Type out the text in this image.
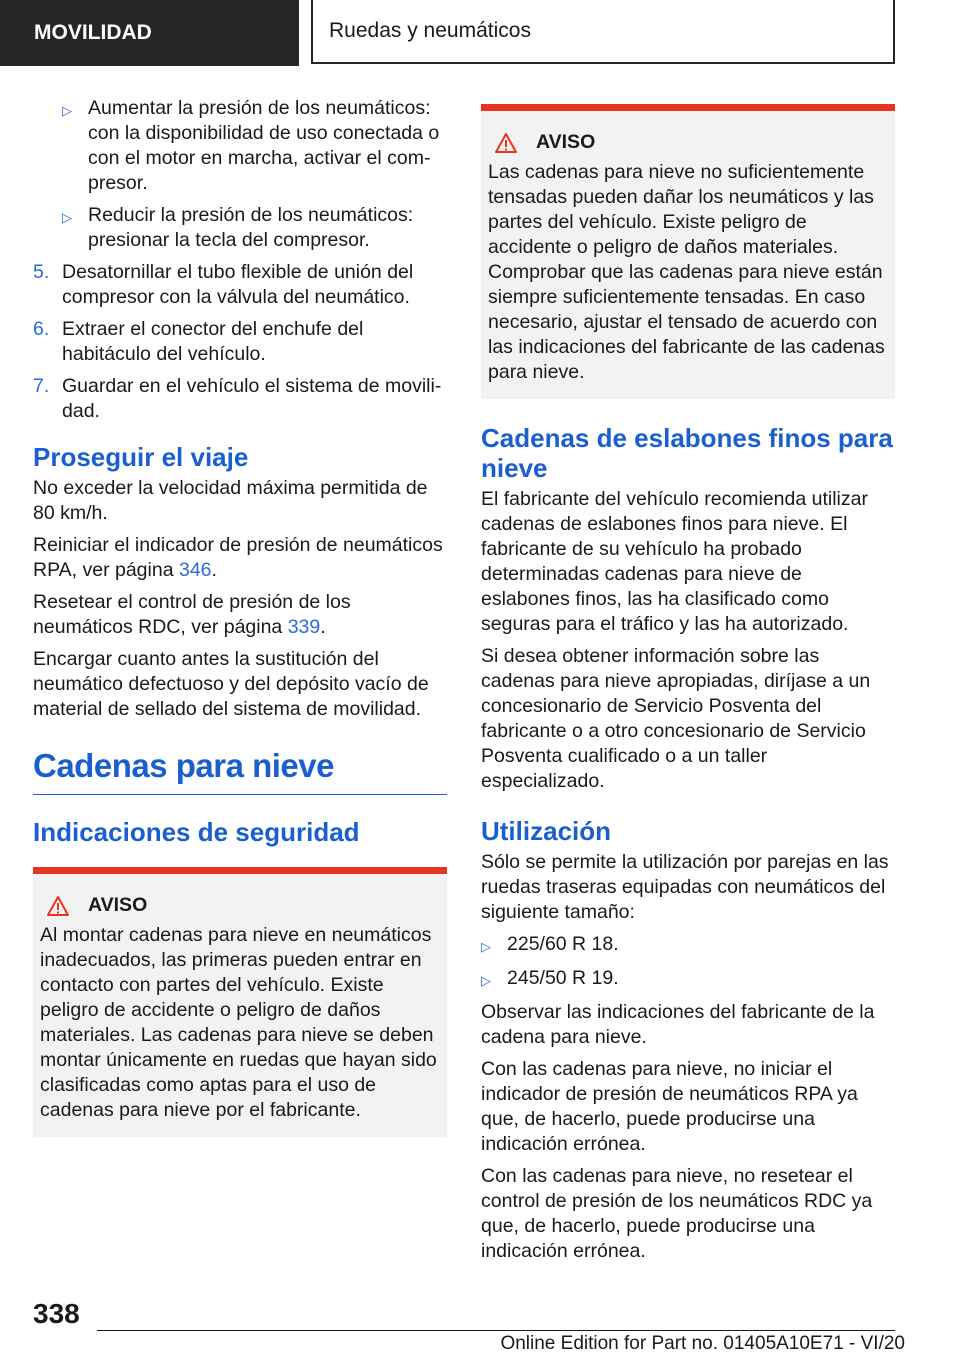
MOVILIDAD	Ruedas y neumáticos
▷ Aumentar la presión de los neumáticos: con la disponibilidad de uso conectada o con el motor en marcha, activar el compresor.
▷ Reducir la presión de los neumáticos: presionar la tecla del compresor.
5. Desatornillar el tubo flexible de unión del compresor con la válvula del neumático.
6. Extraer el conector del enchufe del habitáculo del vehículo.
7. Guardar en el vehículo el sistema de movilidad.
Proseguir el viaje

No exceder la velocidad máxima permitida de 80 km/h.

Reiniciar el indicador de presión de neumáticos RPA, ver página 346.

Resetear el control de presión de los neumáticos RDC, ver página 339.

Encargar cuanto antes la sustitución del neumático defectuoso y del depósito vacío de material de sellado del sistema de movilidad.

Cadenas para nieve
Indicaciones de seguridad
AVISO

Al montar cadenas para nieve en neumáticos inadecuados, las primeras pueden entrar en contacto con partes del vehículo. Existe peligro de accidente o peligro de daños materiales. Las cadenas para nieve se deben montar únicamente en ruedas que hayan sido clasificadas como aptas para el uso de cadenas para nieve por el fabricante.

AVISO

Las cadenas para nieve no suficientemente tensadas pueden dañar los neumáticos y las partes del vehículo. Existe peligro de accidente o peligro de daños materiales. Comprobar que las cadenas para nieve están siempre suficientemente tensadas. En caso necesario, ajustar el tensado de acuerdo con las indicaciones del fabricante de las cadenas para nieve.

Cadenas de eslabones finos para nieve

El fabricante del vehículo recomienda utilizar cadenas de eslabones finos para nieve. El fabricante de su vehículo ha probado determinadas cadenas para nieve de eslabones finos, las ha clasificado como seguras para el tráfico y las ha autorizado.

Si desea obtener información sobre las cadenas para nieve apropiadas, diríjase a un concesionario de Servicio Posventa del fabricante o a otro concesionario de Servicio Posventa cualificado o a un taller especializado.

Utilización

Sólo se permite la utilización por parejas en las ruedas traseras equipadas con neumáticos del siguiente tamaño:

▷ 225/60 R 18.
▷ 245/50 R 19.

Observar las indicaciones del fabricante de la cadena para nieve.

Con las cadenas para nieve, no iniciar el indicador de presión de neumáticos RPA ya que, de hacerlo, puede producirse una indicación errónea.

Con las cadenas para nieve, no resetear el control de presión de los neumáticos RDC ya que, de hacerlo, puede producirse una indicación errónea.

338
Online Edition for Part no. 01405A10E71 - VI/20
